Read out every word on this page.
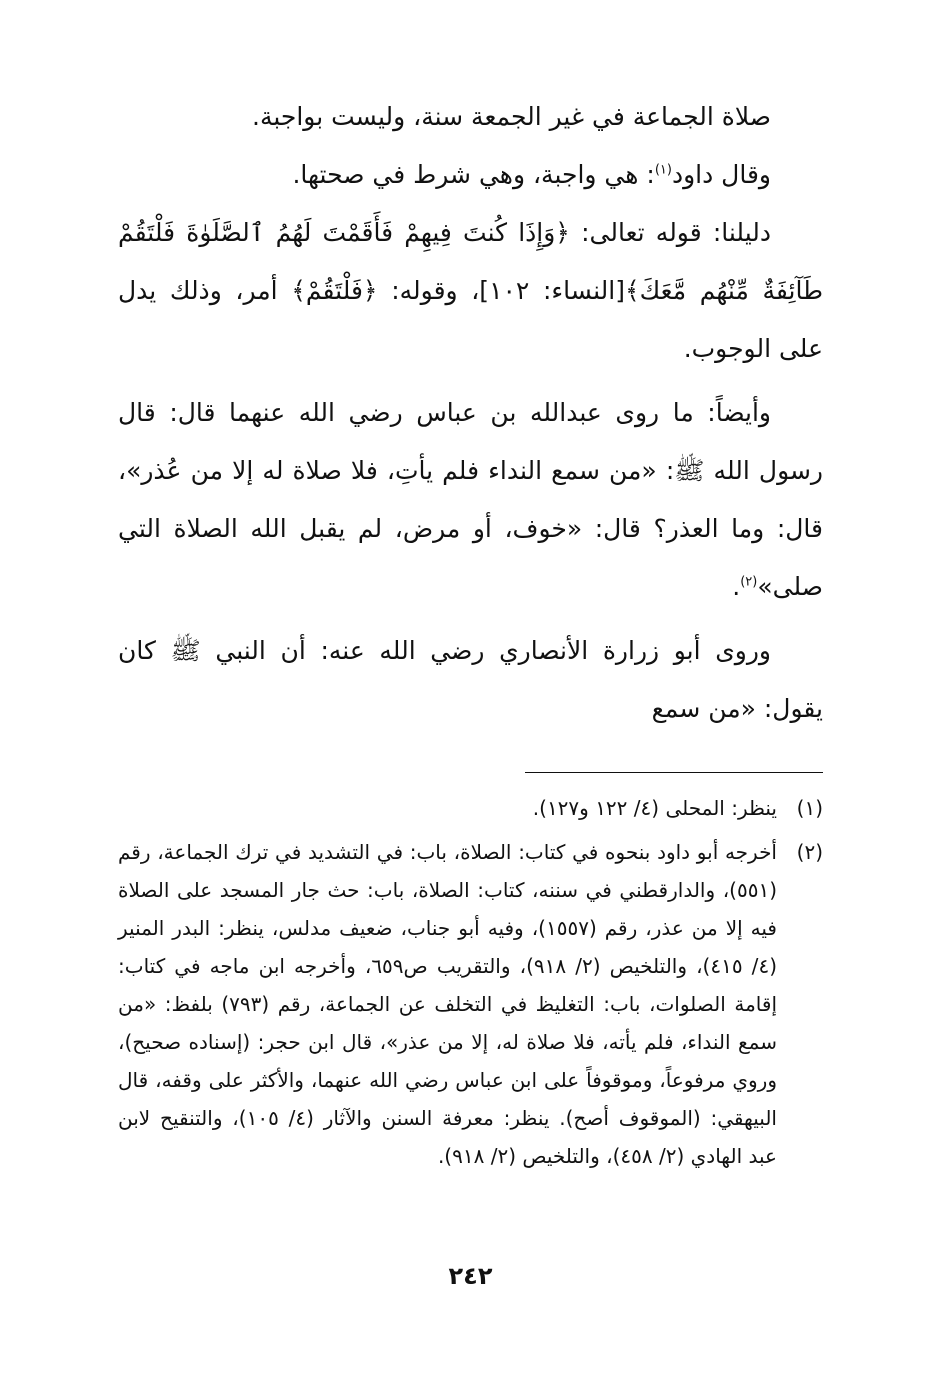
صلاة الجماعة في غير الجمعة سنة، وليست بواجبة.

وقال داود$^{(١)}$: هي واجبة، وهي شرط في صحتها.

دليلنا: قوله تعالى: ﴿وَإِذَا كُنتَ فِيهِمْ فَأَقَمْتَ لَهُمُ ٱلصَّلَوٰةَ فَلْتَقُمْ طَآئِفَةٌ مِّنْهُم مَّعَكَ﴾[النساء: ١٠٢]، وقوله: ﴿فَلْتَقُمْ﴾ أمر، وذلك يدل على الوجوب.

وأيضاً: ما روى عبدالله بن عباس رضي الله عنهما قال: قال رسول الله ﷺ: «من سمع النداء فلم يأتِ، فلا صلاة له إلا من عُذر»، قال: وما العذر؟ قال: «خوف، أو مرض، لم يقبل الله الصلاة التي صلى»$^{(٢)}$.

وروى أبو زرارة الأنصاري رضي الله عنه: أن النبي ﷺ كان يقول: «من سمع

(١)
ينظر: المحلى (٤/ ١٢٢ و١٢٧).
(٢)
أخرجه أبو داود بنحوه في كتاب: الصلاة، باب: في التشديد في ترك الجماعة، رقم (٥٥١)، والدارقطني في سننه، كتاب: الصلاة، باب: حث جار المسجد على الصلاة فيه إلا من عذر، رقم (١٥٥٧)، وفيه أبو جناب، ضعيف مدلس، ينظر: البدر المنير (٤/ ٤١٥)، والتلخيص (٢/ ٩١٨)، والتقريب ص٦٥٩، وأخرجه ابن ماجه في كتاب: إقامة الصلوات، باب: التغليظ في التخلف عن الجماعة، رقم (٧٩٣) بلفظ: «من سمع النداء، فلم يأته، فلا صلاة له، إلا من عذر»، قال ابن حجر: (إسناده صحيح)، وروي مرفوعاً، وموقوفاً على ابن عباس رضي الله عنهما، والأكثر على وقفه، قال البيهقي: (الموقوف أصح). ينظر: معرفة السنن والآثار (٤/ ١٠٥)، والتنقيح لابن عبد الهادي (٢/ ٤٥٨)، والتلخيص (٢/ ٩١٨).
٢٤٢
